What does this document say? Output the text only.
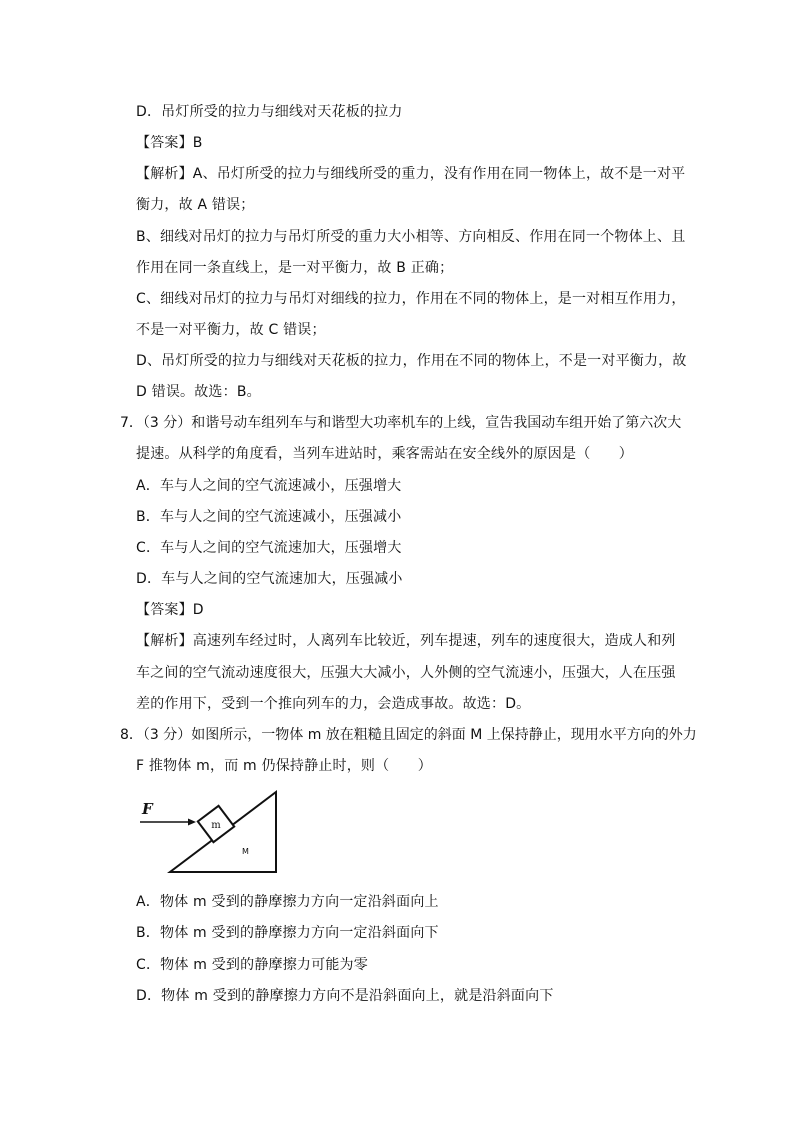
D．吊灯所受的拉力与细线对天花板的拉力
【答案】B
【解析】A、吊灯所受的拉力与细线所受的重力，没有作用在同一物体上，故不是一对平
衡力，故 A 错误；
B、细线对吊灯的拉力与吊灯所受的重力大小相等、方向相反、作用在同一个物体上、且
作用在同一条直线上，是一对平衡力，故 B 正确；
C、细线对吊灯的拉力与吊灯对细线的拉力，作用在不同的物体上，是一对相互作用力，
不是一对平衡力，故 C 错误；
D、吊灯所受的拉力与细线对天花板的拉力，作用在不同的物体上，不是一对平衡力，故
D 错误。故选：B。
7．（3 分）和谐号动车组列车与和谐型大功率机车的上线，宣告我国动车组开始了第六次大
提速。从科学的角度看，当列车进站时，乘客需站在安全线外的原因是（　　）
A．车与人之间的空气流速减小，压强增大
B．车与人之间的空气流速减小，压强减小
C．车与人之间的空气流速加大，压强增大
D．车与人之间的空气流速加大，压强减小
【答案】D
【解析】高速列车经过时，人离列车比较近，列车提速，列车的速度很大，造成人和列
车之间的空气流动速度很大，压强大大减小，人外侧的空气流速小，压强大，人在压强
差的作用下，受到一个推向列车的力，会造成事故。故选：D。
8．（3 分）如图所示，一物体 m 放在粗糙且固定的斜面 M 上保持静止，现用水平方向的外力
F 推物体 m，而 m 仍保持静止时，则（　　）
m
F
M
A．物体 m 受到的静摩擦力方向一定沿斜面向上
B．物体 m 受到的静摩擦力方向一定沿斜面向下
C．物体 m 受到的静摩擦力可能为零
D．物体 m 受到的静摩擦力方向不是沿斜面向上，就是沿斜面向下
